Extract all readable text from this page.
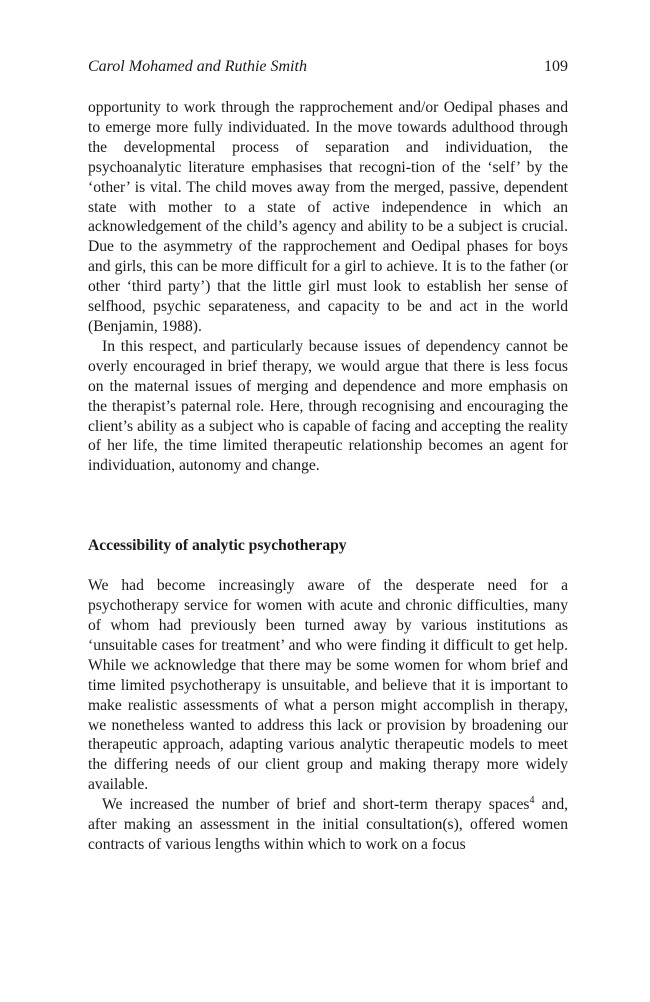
Carol Mohamed and Ruthie Smith	109

opportunity to work through the rapprochement and/or Oedipal phases and to emerge more fully individuated. In the move towards adulthood through the developmental process of separation and individuation, the psychoanalytic literature emphasises that recogni-tion of the ‘self’ by the ‘other’ is vital. The child moves away from the merged, passive, dependent state with mother to a state of active independence in which an acknowledgement of the child’s agency and ability to be a subject is crucial. Due to the asymmetry of the rapprochement and Oedipal phases for boys and girls, this can be more difficult for a girl to achieve. It is to the father (or other ‘third party’) that the little girl must look to establish her sense of selfhood, psychic separateness, and capacity to be and act in the world (Benjamin, 1988).

In this respect, and particularly because issues of dependency cannot be overly encouraged in brief therapy, we would argue that there is less focus on the maternal issues of merging and dependence and more emphasis on the therapist’s paternal role. Here, through recognising and encouraging the client’s ability as a subject who is capable of facing and accepting the reality of her life, the time limited therapeutic relationship becomes an agent for individuation, autonomy and change.

Accessibility of analytic psychotherapy

We had become increasingly aware of the desperate need for a psychotherapy service for women with acute and chronic difficulties, many of whom had previously been turned away by various institutions as ‘unsuitable cases for treatment’ and who were finding it difficult to get help. While we acknowledge that there may be some women for whom brief and time limited psychotherapy is unsuitable, and believe that it is important to make realistic assessments of what a person might accomplish in therapy, we nonetheless wanted to address this lack or provision by broadening our therapeutic approach, adapting various analytic therapeutic models to meet the differing needs of our client group and making therapy more widely available.

We increased the number of brief and short-term therapy spaces$^4$ and, after making an assessment in the initial consultation(s), offered women contracts of various lengths within which to work on a focus
